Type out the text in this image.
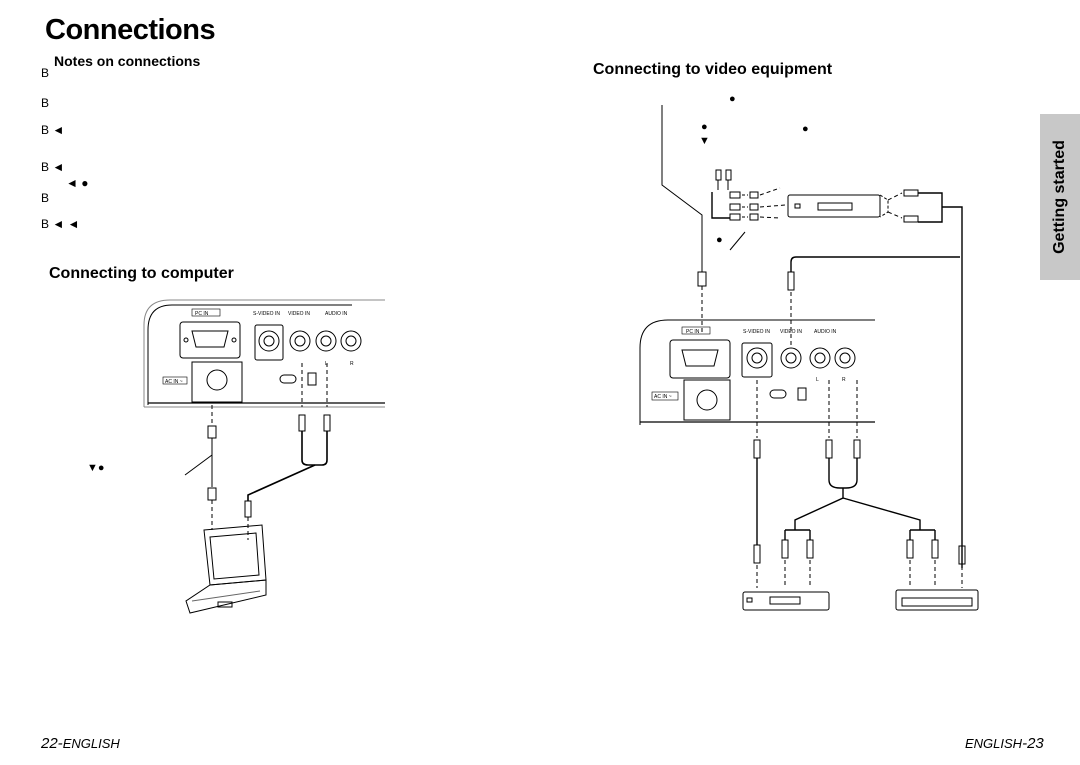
Connections
Notes on connections
B
B
B ◄
B ◄
◄ ●
B
B ◄ ◄
Connecting to computer
Connecting to video equipment
▼●
●
●	●
▼
●	Getting started
PC IN	S-VIDEO IN VIDEO IN	AUDIO IN
AC IN ~
L	R
PC IN	S-VIDEO IN VIDEO IN AUDIO IN
AC IN ~
L	R
22-ENGLISH	ENGLISH-23
